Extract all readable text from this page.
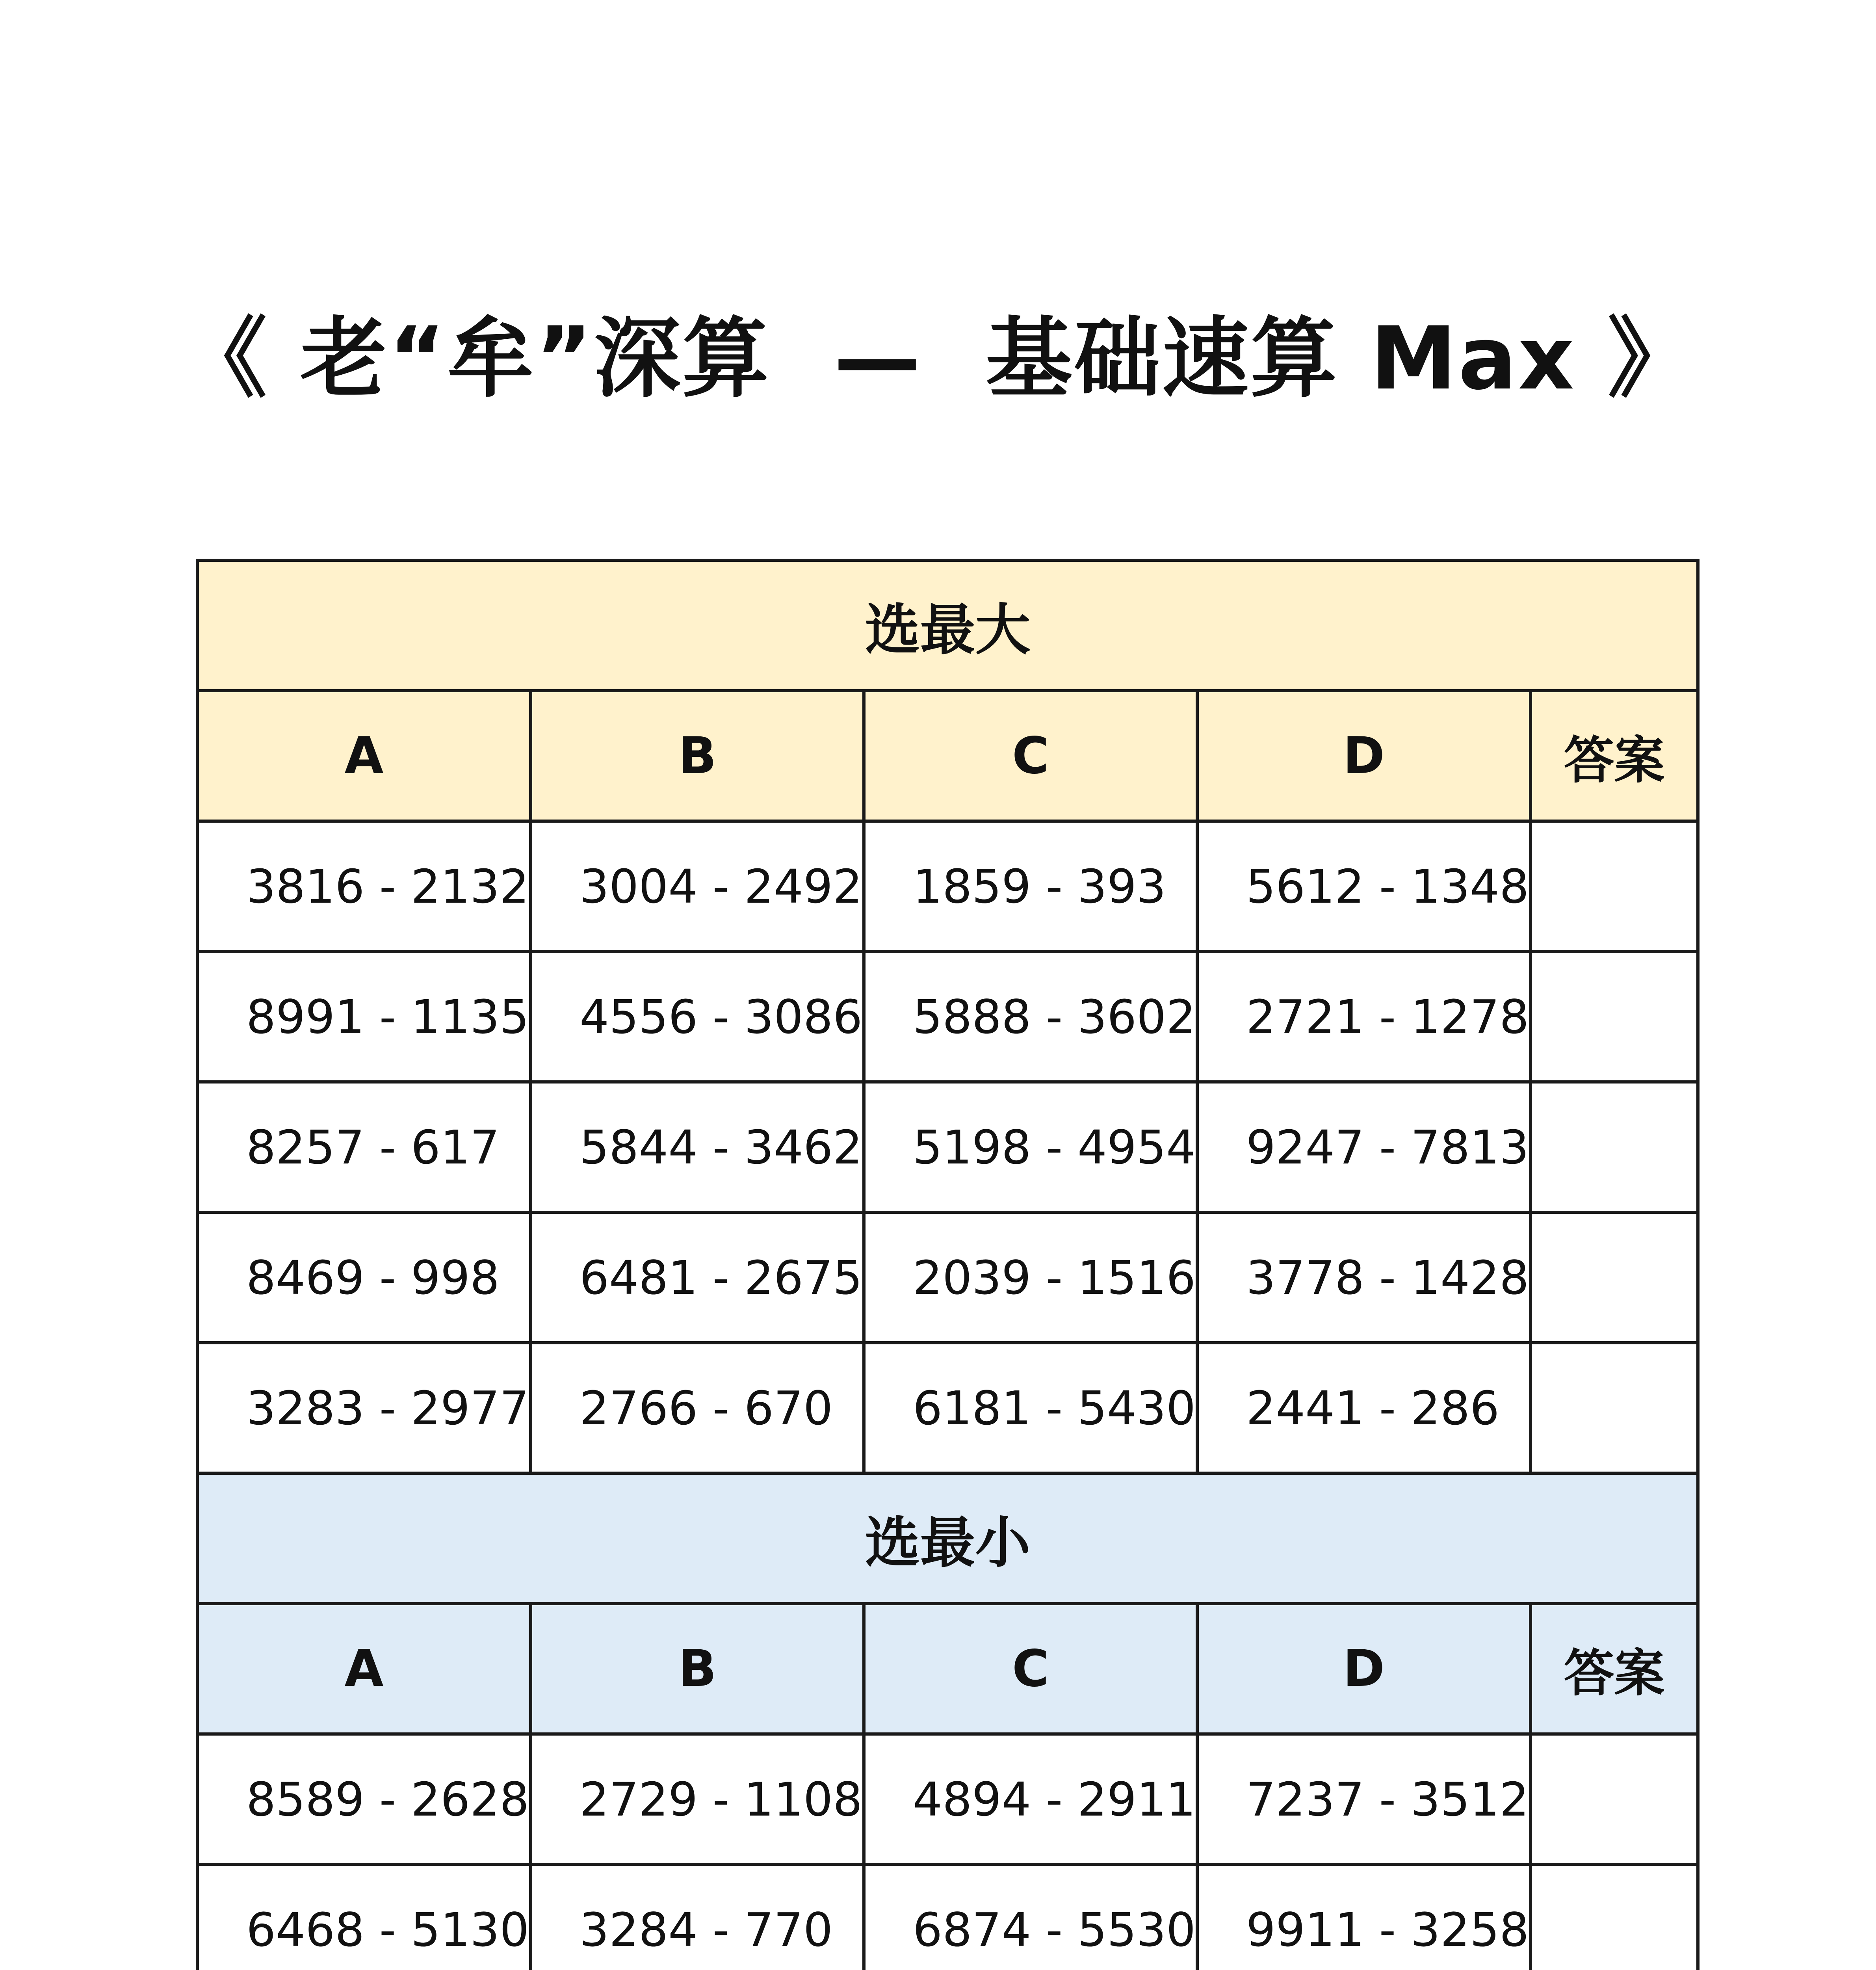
《 老“牟”深算  —  基础速算 Max 》
选最大				
A	B	C	D	答案
3816 - 2132	3004 - 2492	1859 - 393	5612 - 1348	
8991 - 1135	4556 - 3086	5888 - 3602	2721 - 1278	
8257 - 617	5844 - 3462	5198 - 4954	9247 - 7813	
8469 - 998	6481 - 2675	2039 - 1516	3778 - 1428	
3283 - 2977	2766 - 670	6181 - 5430	2441 - 286	
选最小				
A	B	C	D	答案
8589 - 2628	2729 - 1108	4894 - 2911	7237 - 3512	
6468 - 5130	3284 - 770	6874 - 5530	9911 - 3258	
